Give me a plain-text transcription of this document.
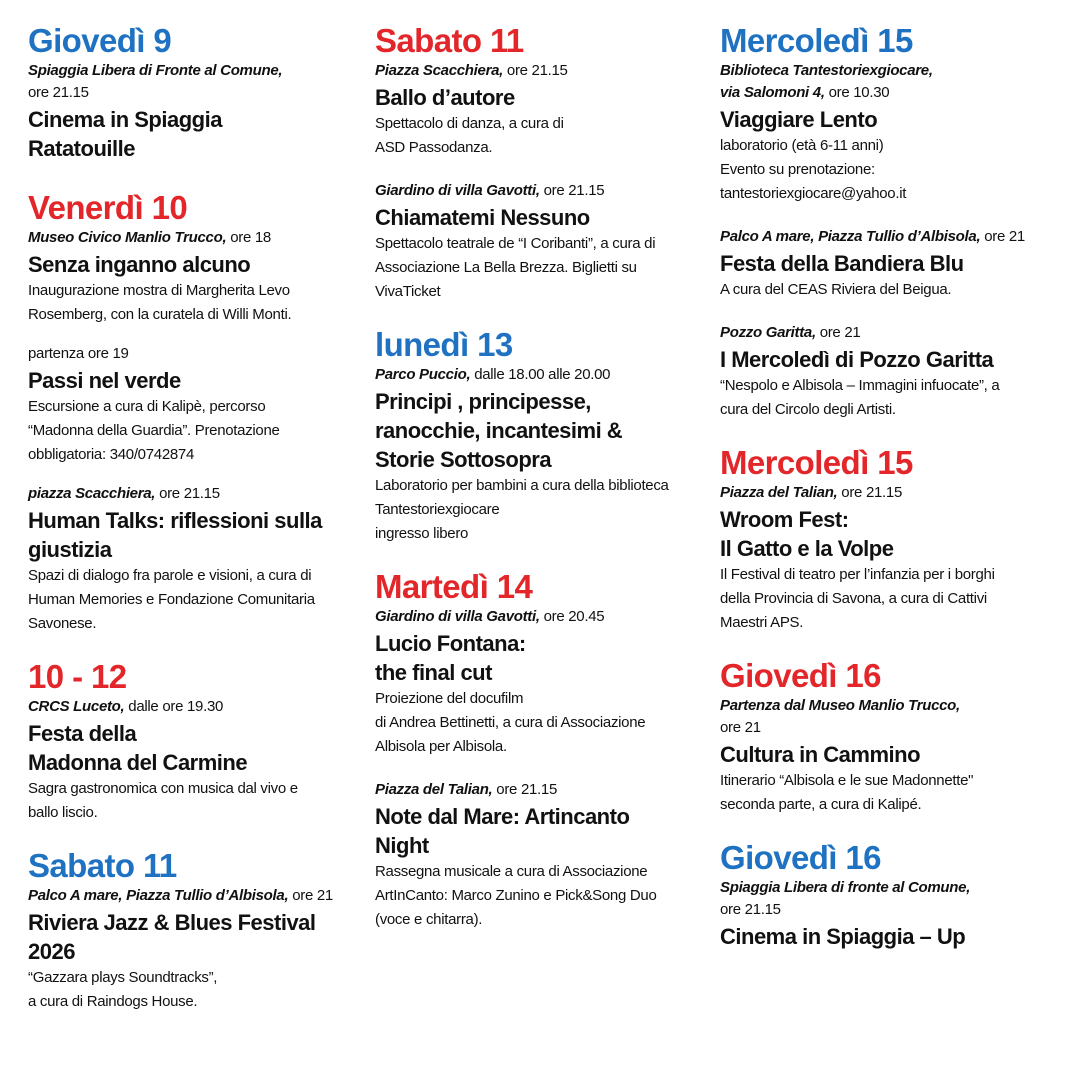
Giovedì 9
Spiaggia Libera di Fronte al Comune,
ore 21.15
Cinema in Spiaggia
Ratatouille
Venerdì 10
Museo Civico Manlio Trucco, ore 18
Senza inganno alcuno
Inaugurazione mostra di Margherita Levo
Rosemberg, con la curatela di Willi Monti.
partenza ore 19
Passi nel verde
Escursione a cura di Kalipè, percorso
“Madonna della Guardia”. Prenotazione
obbligatoria: 340/0742874
piazza Scacchiera, ore 21.15
Human Talks: riflessioni sulla
giustizia
Spazi di dialogo fra parole e visioni, a cura di
Human Memories e Fondazione Comunitaria
Savonese.
10 - 12
CRCS Luceto, dalle ore 19.30
Festa della
Madonna del Carmine
Sagra gastronomica con musica dal vivo e
ballo liscio.
Sabato 11
Palco A mare, Piazza Tullio d’Albisola, ore 21
Riviera Jazz & Blues Festival
2026
“Gazzara plays Soundtracks”,
a cura di Raindogs House.
Sabato 11
Piazza Scacchiera, ore 21.15
Ballo d’autore
Spettacolo di danza, a cura di
ASD Passodanza.
Giardino di villa Gavotti, ore 21.15
Chiamatemi Nessuno
Spettacolo teatrale de “I Coribanti”, a cura di
Associazione La Bella Brezza. Biglietti su
VivaTicket
lunedì 13
Parco Puccio, dalle 18.00 alle 20.00
Principi , principesse,
ranocchie, incantesimi &
Storie Sottosopra
Laboratorio per bambini a cura della biblioteca
Tantestoriexgiocare
ingresso libero
Martedì 14
Giardino di villa Gavotti, ore 20.45
Lucio Fontana:
the final cut
Proiezione del docufilm
di Andrea Bettinetti, a cura di Associazione
Albisola per Albisola.
Piazza del Talian, ore 21.15
Note dal Mare: Artincanto
Night
Rassegna musicale a cura di Associazione
ArtInCanto: Marco Zunino e Pick&Song Duo
(voce e chitarra).
Mercoledì 15
Biblioteca Tantestoriexgiocare,
via Salomoni 4, ore 10.30
Viaggiare Lento
laboratorio (età 6-11 anni)
Evento su prenotazione:
tantestoriexgiocare@yahoo.it
Palco A mare, Piazza Tullio d’Albisola, ore 21
Festa della Bandiera Blu
A cura del CEAS Riviera del Beigua.
Pozzo Garitta, ore 21
I Mercoledì di Pozzo Garitta
“Nespolo e Albisola – Immagini infuocate”, a
cura del Circolo degli Artisti.
Mercoledì 15
Piazza del Talian, ore 21.15
Wroom Fest:
Il Gatto e la Volpe
Il Festival di teatro per l’infanzia per i borghi
della Provincia di Savona, a cura di Cattivi
Maestri APS.
Giovedì 16
Partenza dal Museo Manlio Trucco,
ore 21
Cultura in Cammino
Itinerario “Albisola e le sue Madonnette"
seconda parte, a cura di Kalipé.
Giovedì 16
Spiaggia Libera di fronte al Comune,
ore 21.15
Cinema in Spiaggia – Up
